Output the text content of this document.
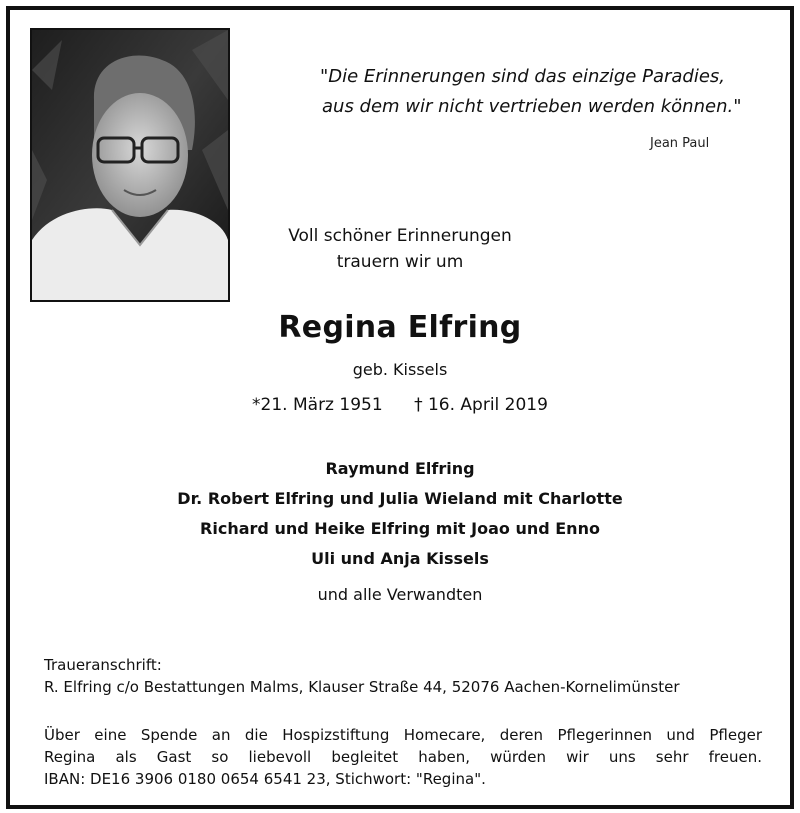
"Die Erinnerungen sind das einzige Paradies,
aus dem wir nicht vertrieben werden können."
Jean Paul
Voll schöner Erinnerungen
trauern wir um
Regina Elfring
geb. Kissels
*21. März 1951 † 16. April 2019
Raymund Elfring
Dr. Robert Elfring und Julia Wieland mit Charlotte
Richard und Heike Elfring mit Joao und Enno
Uli und Anja Kissels
und alle Verwandten
Traueranschrift:
R. Elfring c/o Bestattungen Malms, Klauser Straße 44, 52076 Aachen-Kornelimünster
Über eine Spende an die Hospizstiftung Homecare, deren Pflegerinnen und Pfleger
Regina als Gast so liebevoll begleitet haben, würden wir uns sehr freuen.
IBAN: DE16 3906 0180 0654 6541 23, Stichwort: "Regina".
